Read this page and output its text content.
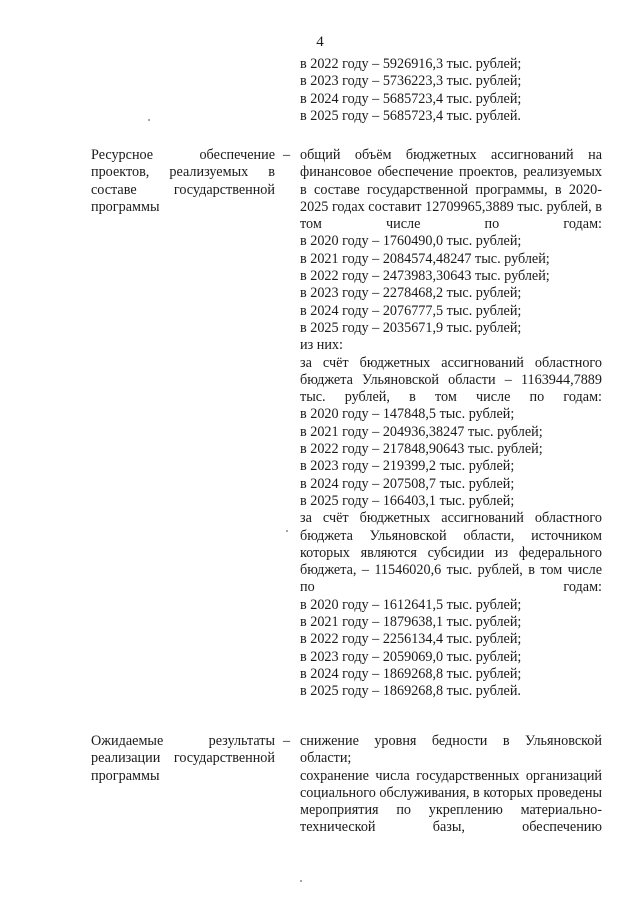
4
в 2022 году – 5926916,3 тыс. рублей;
в 2023 году – 5736223,3 тыс. рублей;
в 2024 году – 5685723,4 тыс. рублей;
в 2025 году – 5685723,4 тыс. рублей.
Ресурсное обеспечение проектов, реализуемых в составе государственной программы
– общий объём бюджетных ассигнований на финансовое обеспечение проектов, реализуемых в составе государственной программы, в 2020-2025 годах составит 12709965,3889 тыс. рублей, в том числе по годам:
в 2020 году – 1760490,0 тыс. рублей;
в 2021 году – 2084574,48247 тыс. рублей;
в 2022 году – 2473983,30643 тыс. рублей;
в 2023 году – 2278468,2 тыс. рублей;
в 2024 году – 2076777,5 тыс. рублей;
в 2025 году – 2035671,9 тыс. рублей;
из них:
за счёт бюджетных ассигнований областного бюджета Ульяновской области – 1163944,7889 тыс. рублей, в том числе по годам:
в 2020 году – 147848,5 тыс. рублей;
в 2021 году – 204936,38247 тыс. рублей;
в 2022 году – 217848,90643 тыс. рублей;
в 2023 году – 219399,2 тыс. рублей;
в 2024 году – 207508,7 тыс. рублей;
в 2025 году – 166403,1 тыс. рублей;
за счёт бюджетных ассигнований областного бюджета Ульяновской области, источником которых являются субсидии из федерального бюджета, – 11546020,6 тыс. рублей, в том числе по годам:
в 2020 году – 1612641,5 тыс. рублей;
в 2021 году – 1879638,1 тыс. рублей;
в 2022 году – 2256134,4 тыс. рублей;
в 2023 году – 2059069,0 тыс. рублей;
в 2024 году – 1869268,8 тыс. рублей;
в 2025 году – 1869268,8 тыс. рублей.
Ожидаемые результаты реализации государственной программы
– снижение уровня бедности в Ульяновской области;
сохранение числа государственных организаций социального обслуживания, в которых проведены мероприятия по укреплению материально-технической базы, обеспечению
